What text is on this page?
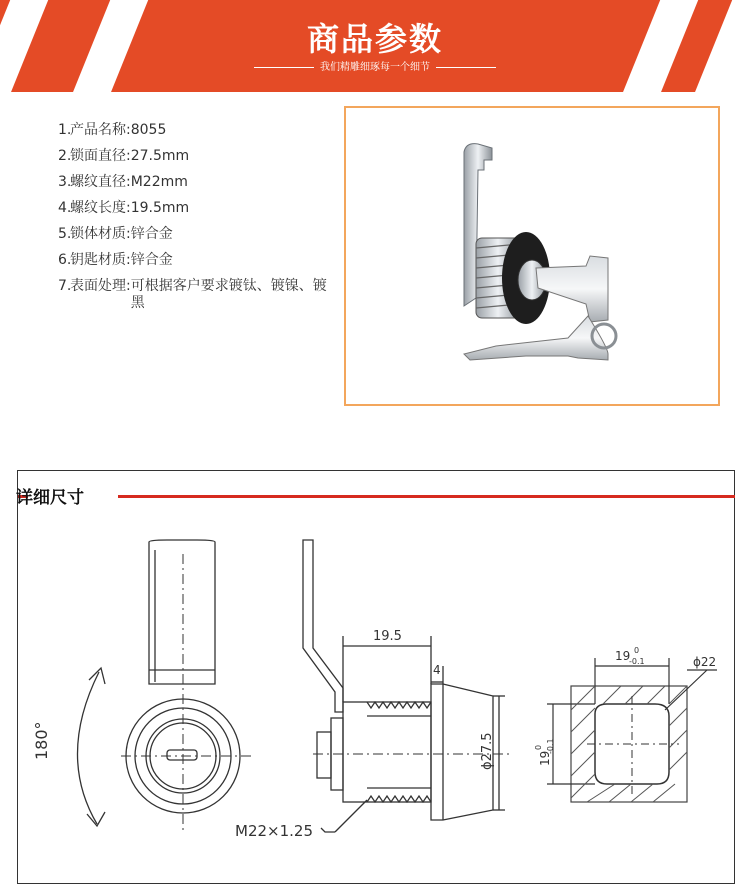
商品参数
我们精雕细琢每一个细节
1.
产品名称: 8055
2.
锁面直径: 27.5mm
3.
螺纹直径: M22mm
4.
螺纹长度: 19.5mm
5.
锁体材质: 锌合金
6.
钥匙材质: 锌合金
7.
表面处理: 可根据客户要求镀钛、镀镍、镀黑
详细尺寸
180°
19.5
4
ϕ27.5
M22×1.25
19 0
-0.1
19
0 -0.1
ϕ22
